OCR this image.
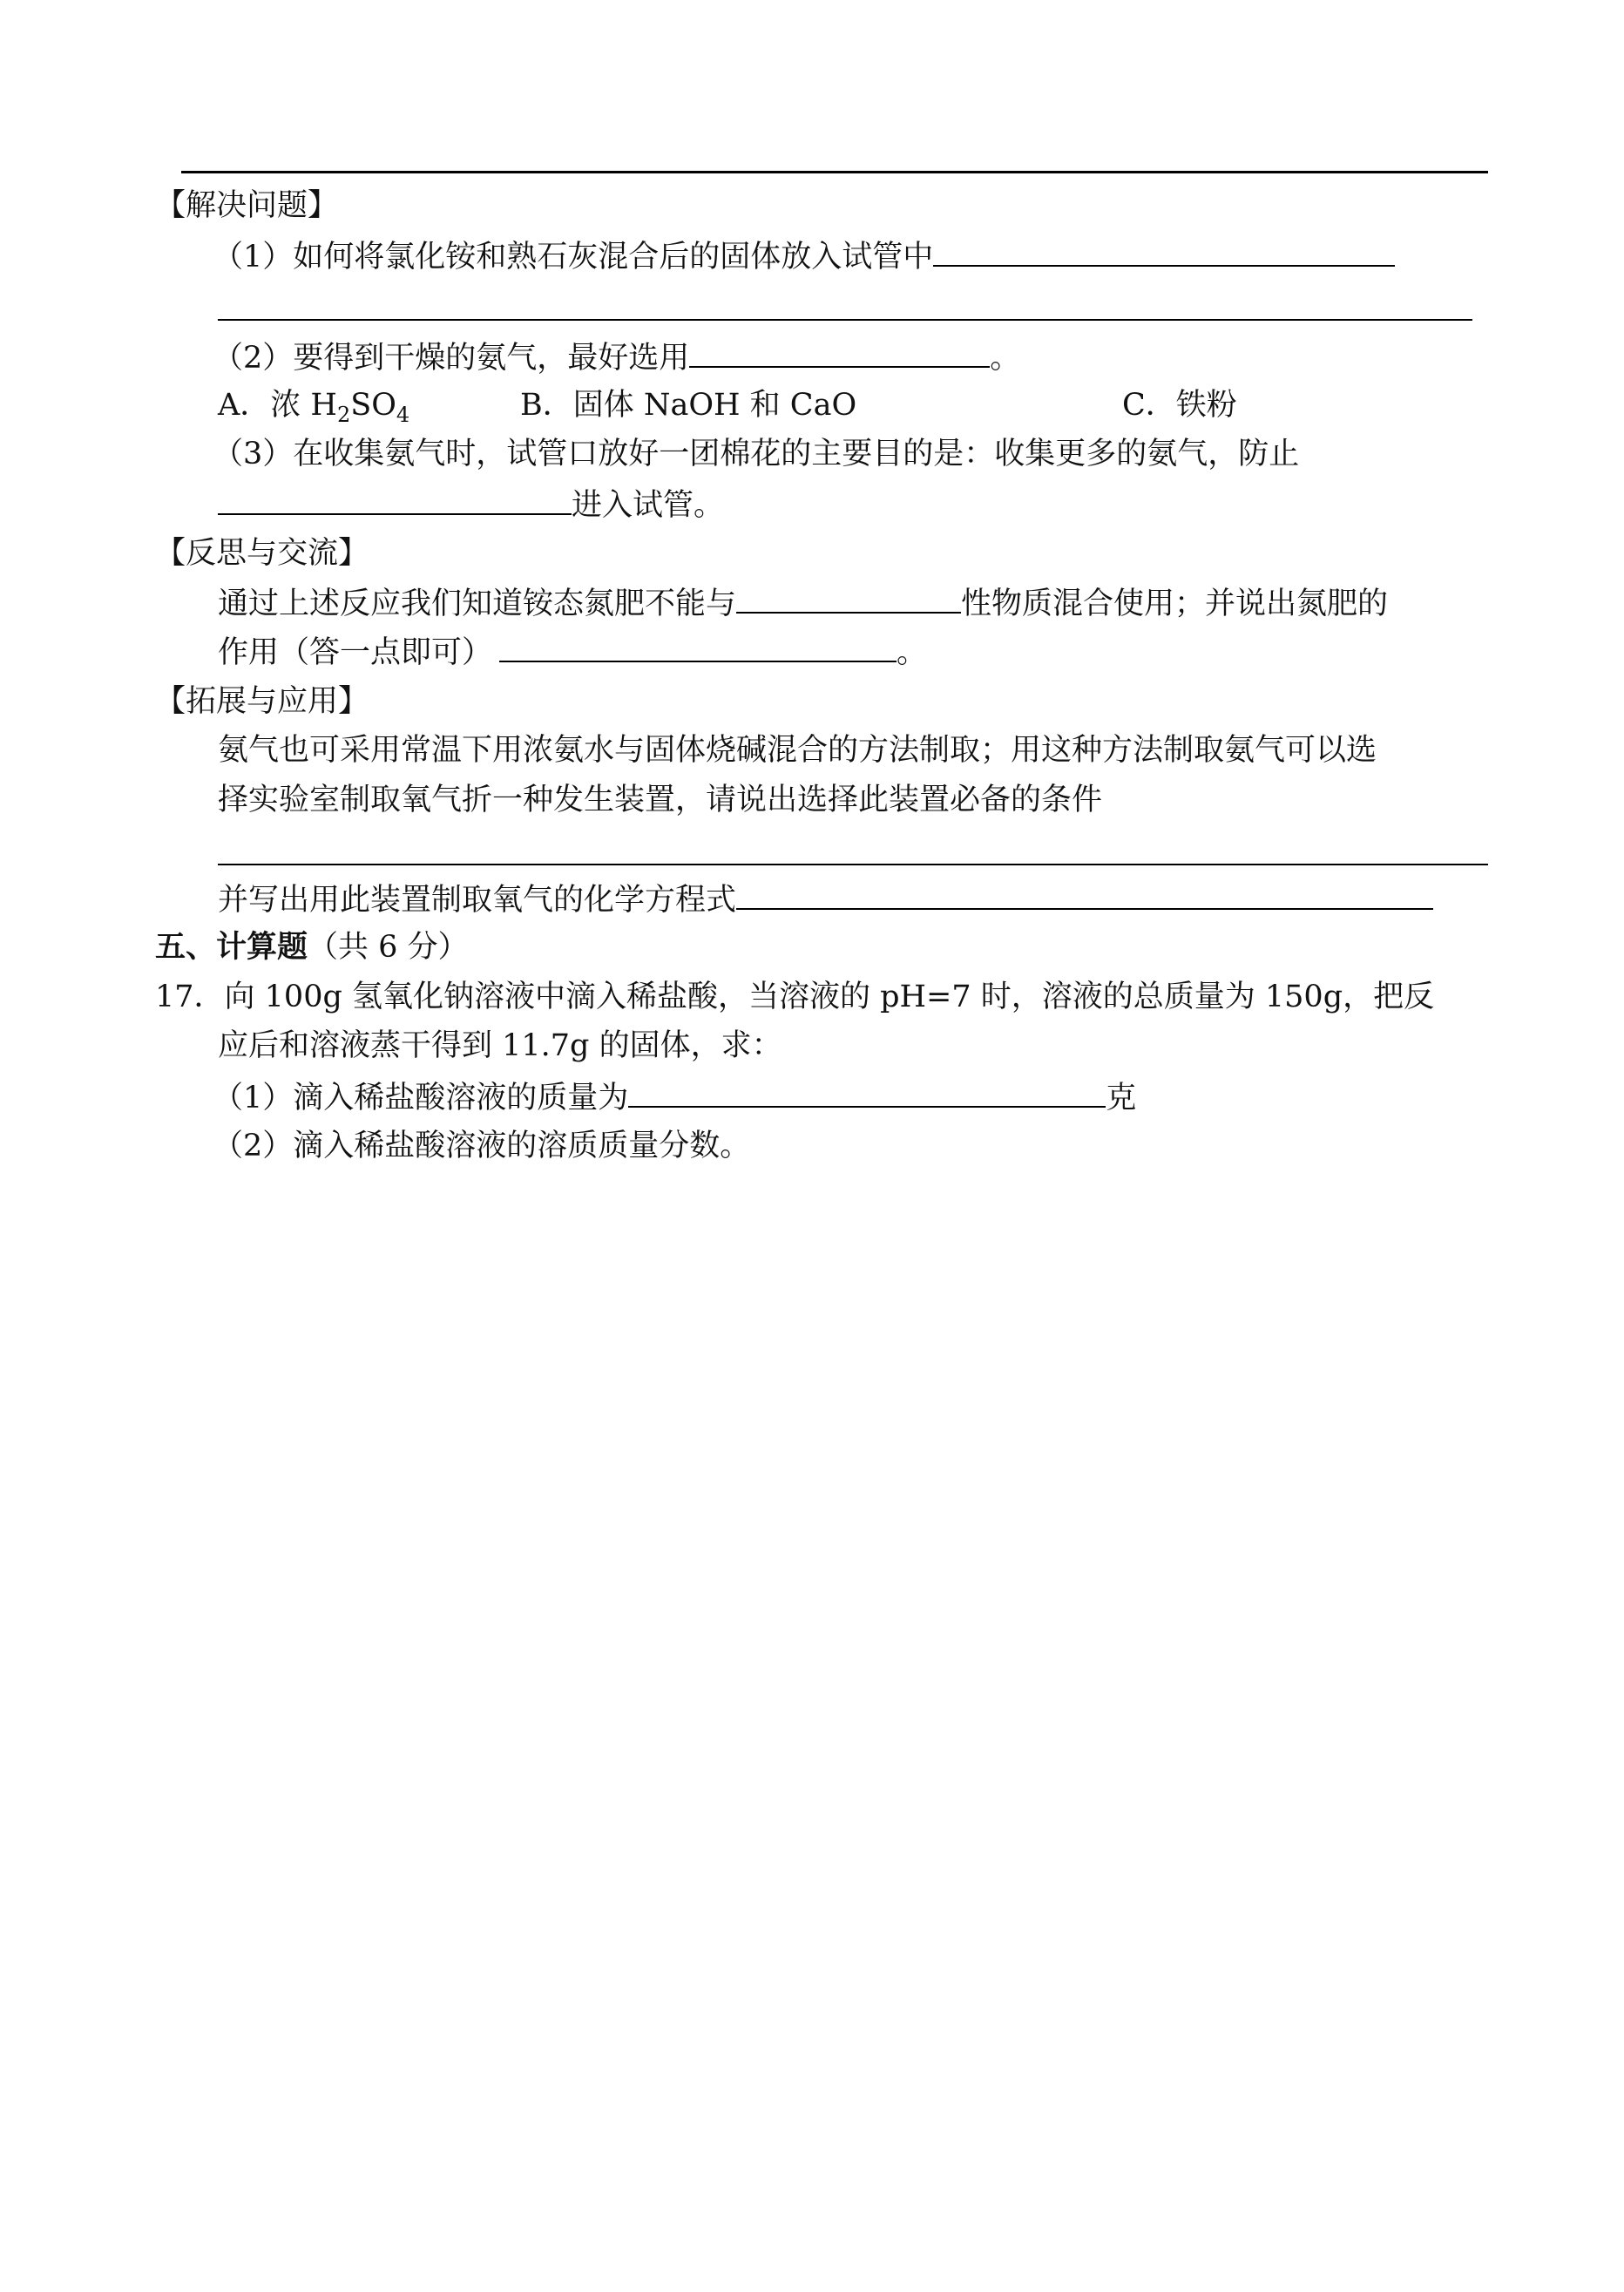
【解决问题】
（1）如何将氯化铵和熟石灰混合后的固体放入试管中
（2）要得到干燥的氨气，最好选用	。
A．浓 $H_2SO_4$	B．固体 NaOH 和 CaO	C．铁粉
（3）在收集氨气时，试管口放好一团棉花的主要目的是：收集更多的氨气，防止
进入试管。
【反思与交流】
通过上述反应我们知道铵态氮肥不能与	性物质混合使用；并说出氮肥的
作用（答一点即可）	。
【拓展与应用】
氨气也可采用常温下用浓氨水与固体烧碱混合的方法制取；用这种方法制取氨气可以选
择实验室制取氧气折一种发生装置，请说出选择此装置必备的条件
并写出用此装置制取氧气的化学方程式
五、计算题（共 6 分）
17．向 100g 氢氧化钠溶液中滴入稀盐酸，当溶液的 pH=7 时，溶液的总质量为 150g，把反
应后和溶液蒸干得到 11.7g 的固体，求：
（1）滴入稀盐酸溶液的质量为	克
（2）滴入稀盐酸溶液的溶质质量分数。
